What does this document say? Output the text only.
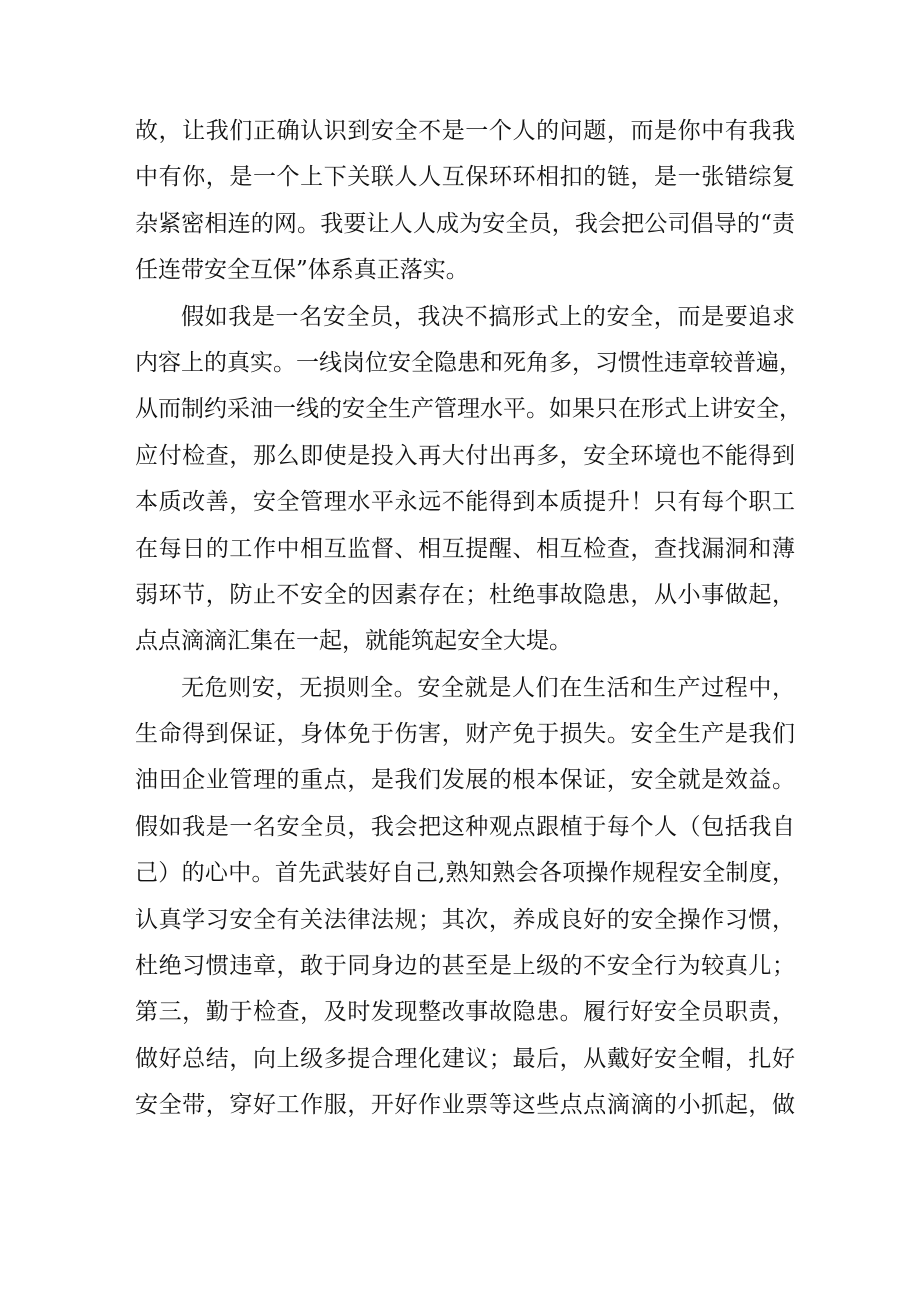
故，让我们正确认识到安全不是一个人的问题，而是你中有我我
中有你，是一个上下关联人人互保环环相扣的链，是一张错综复
杂紧密相连的网。我要让人人成为安全员，我会把公司倡导的“责
任连带安全互保”体系真正落实。
假如我是一名安全员，我决不搞形式上的安全，而是要追求
内容上的真实。一线岗位安全隐患和死角多，习惯性违章较普遍，
从而制约采油一线的安全生产管理水平。如果只在形式上讲安全，
应付检查，那么即使是投入再大付出再多，安全环境也不能得到
本质改善，安全管理水平永远不能得到本质提升！只有每个职工
在每日的工作中相互监督、相互提醒、相互检查，查找漏洞和薄
弱环节，防止不安全的因素存在；杜绝事故隐患，从小事做起，
点点滴滴汇集在一起，就能筑起安全大堤。
无危则安，无损则全。安全就是人们在生活和生产过程中，
生命得到保证，身体免于伤害，财产免于损失。安全生产是我们
油田企业管理的重点，是我们发展的根本保证，安全就是效益。
假如我是一名安全员，我会把这种观点跟植于每个人（包括我自
己）的心中。首先武装好自己,熟知熟会各项操作规程安全制度，
认真学习安全有关法律法规；其次，养成良好的安全操作习惯，
杜绝习惯违章，敢于同身边的甚至是上级的不安全行为较真儿；
第三，勤于检查，及时发现整改事故隐患。履行好安全员职责，
做好总结，向上级多提合理化建议；最后，从戴好安全帽，扎好
安全带，穿好工作服，开好作业票等这些点点滴滴的小抓起，做
